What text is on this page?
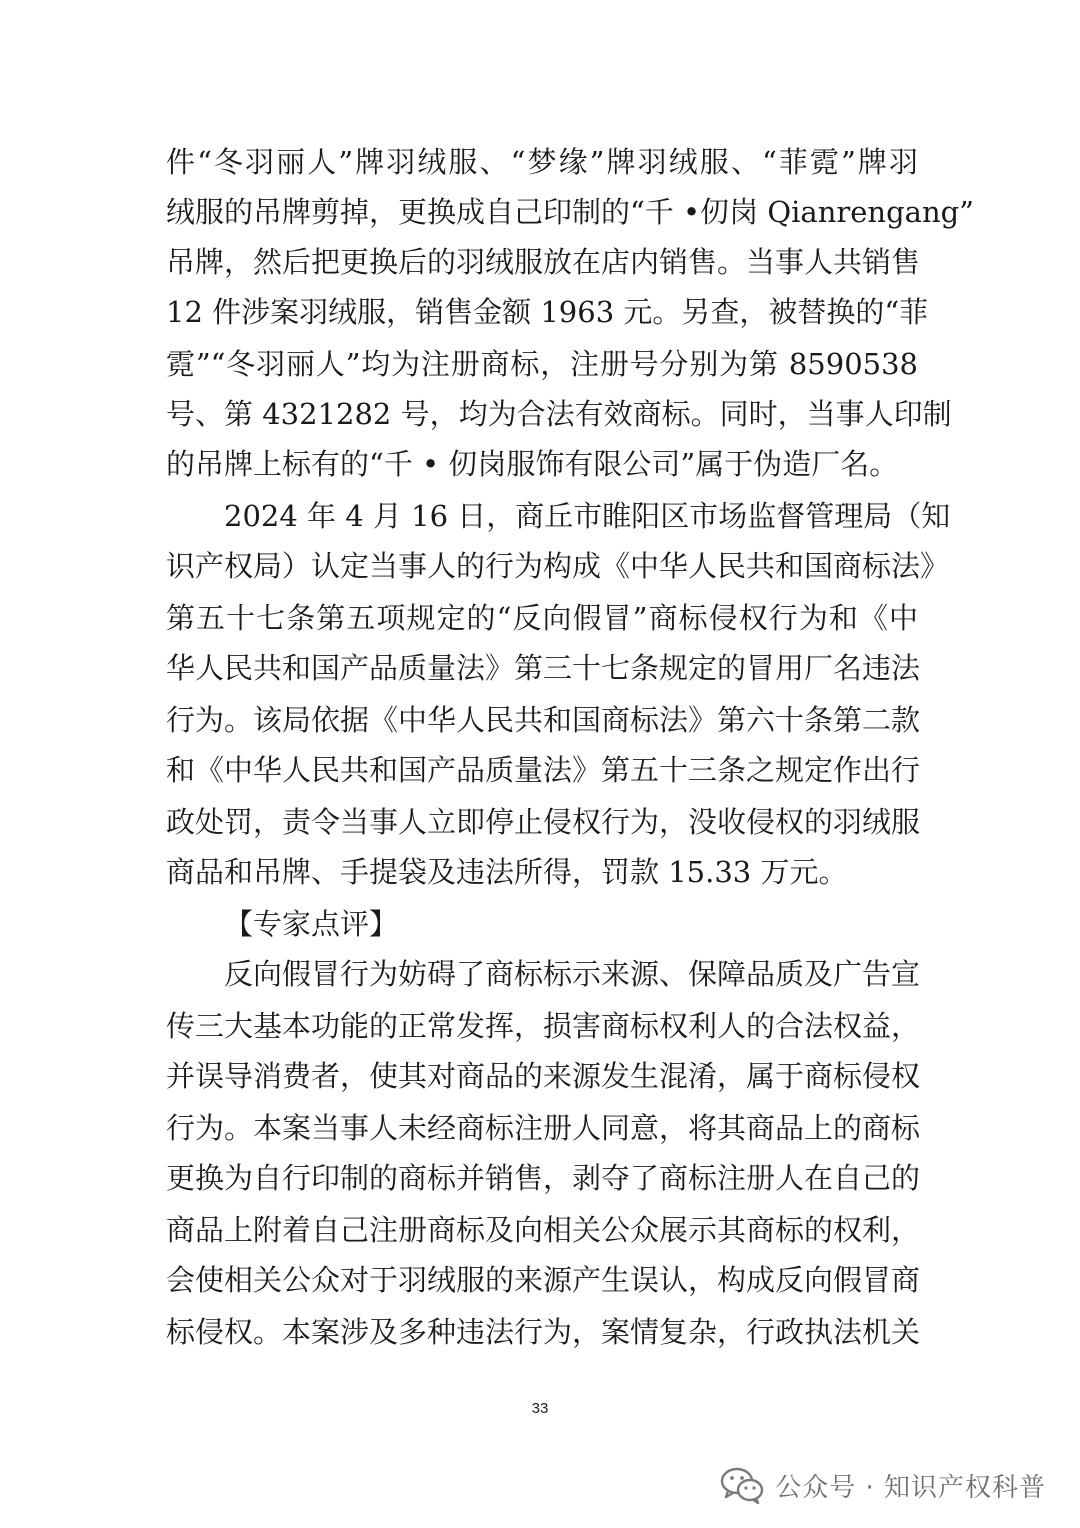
件“冬羽丽人”牌羽绒服、“梦缘”牌羽绒服、“菲霓”牌羽
绒服的吊牌剪掉，更换成自己印制的“千 •仞岗 Qianrengang”
吊牌，然后把更换后的羽绒服放在店内销售。当事人共销售
12 件涉案羽绒服，销售金额 1963 元。另查，被替换的“菲
霓”“冬羽丽人”均为注册商标，注册号分别为第 8590538
号、第 4321282 号，均为合法有效商标。同时，当事人印制
的吊牌上标有的“千 • 仞岗服饰有限公司”属于伪造厂名。
2024 年 4 月 16 日，商丘市睢阳区市场监督管理局（知
识产权局）认定当事人的行为构成《中华人民共和国商标法》
第五十七条第五项规定的“反向假冒”商标侵权行为和《中
华人民共和国产品质量法》第三十七条规定的冒用厂名违法
行为。该局依据《中华人民共和国商标法》第六十条第二款
和《中华人民共和国产品质量法》第五十三条之规定作出行
政处罚，责令当事人立即停止侵权行为，没收侵权的羽绒服
商品和吊牌、手提袋及违法所得，罚款 15.33 万元。
【专家点评】
反向假冒行为妨碍了商标标示来源、保障品质及广告宣
传三大基本功能的正常发挥，损害商标权利人的合法权益，
并误导消费者，使其对商品的来源发生混淆，属于商标侵权
行为。本案当事人未经商标注册人同意，将其商品上的商标
更换为自行印制的商标并销售，剥夺了商标注册人在自己的
商品上附着自己注册商标及向相关公众展示其商标的权利，
会使相关公众对于羽绒服的来源产生误认，构成反向假冒商
标侵权。本案涉及多种违法行为，案情复杂，行政执法机关
33
公众号 · 知识产权科普
